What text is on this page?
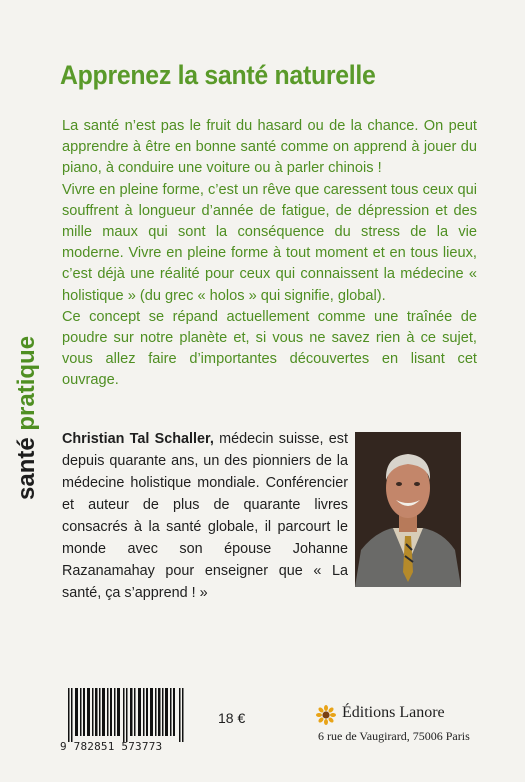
Apprenez la santé naturelle

La santé n’est pas le fruit du hasard ou de la chance. On peut apprendre à être en bonne santé comme on apprend à jouer du piano, à conduire une voiture ou à parler chinois !

Vivre en pleine forme, c’est un rêve que caressent tous ceux qui souffrent à longueur d’année de fatigue, de dépression et des mille maux qui sont la conséquence du stress de la vie moderne. Vivre en pleine forme à tout moment et en tous lieux, c’est déjà une réalité pour ceux qui connaissent la médecine « holistique » (du grec « holos » qui signifie, global).

Ce concept se répand actuellement comme une traînée de poudre sur notre planète et, si vous ne savez rien à ce sujet, vous allez faire d’importantes découvertes en lisant cet ouvrage.

santé pratique

Christian Tal Schaller, médecin suisse, est depuis quarante ans, un des pionniers de la médecine holistique mondiale. Conférencier et auteur de plus de quarante livres consacrés à la santé globale, il parcourt le monde avec son épouse Johanne Razanamahay pour enseigner que « La santé, ça s’apprend ! »

9 782851 573773
18 €	Éditions Lanore
6 rue de Vaugirard, 75006 Paris
